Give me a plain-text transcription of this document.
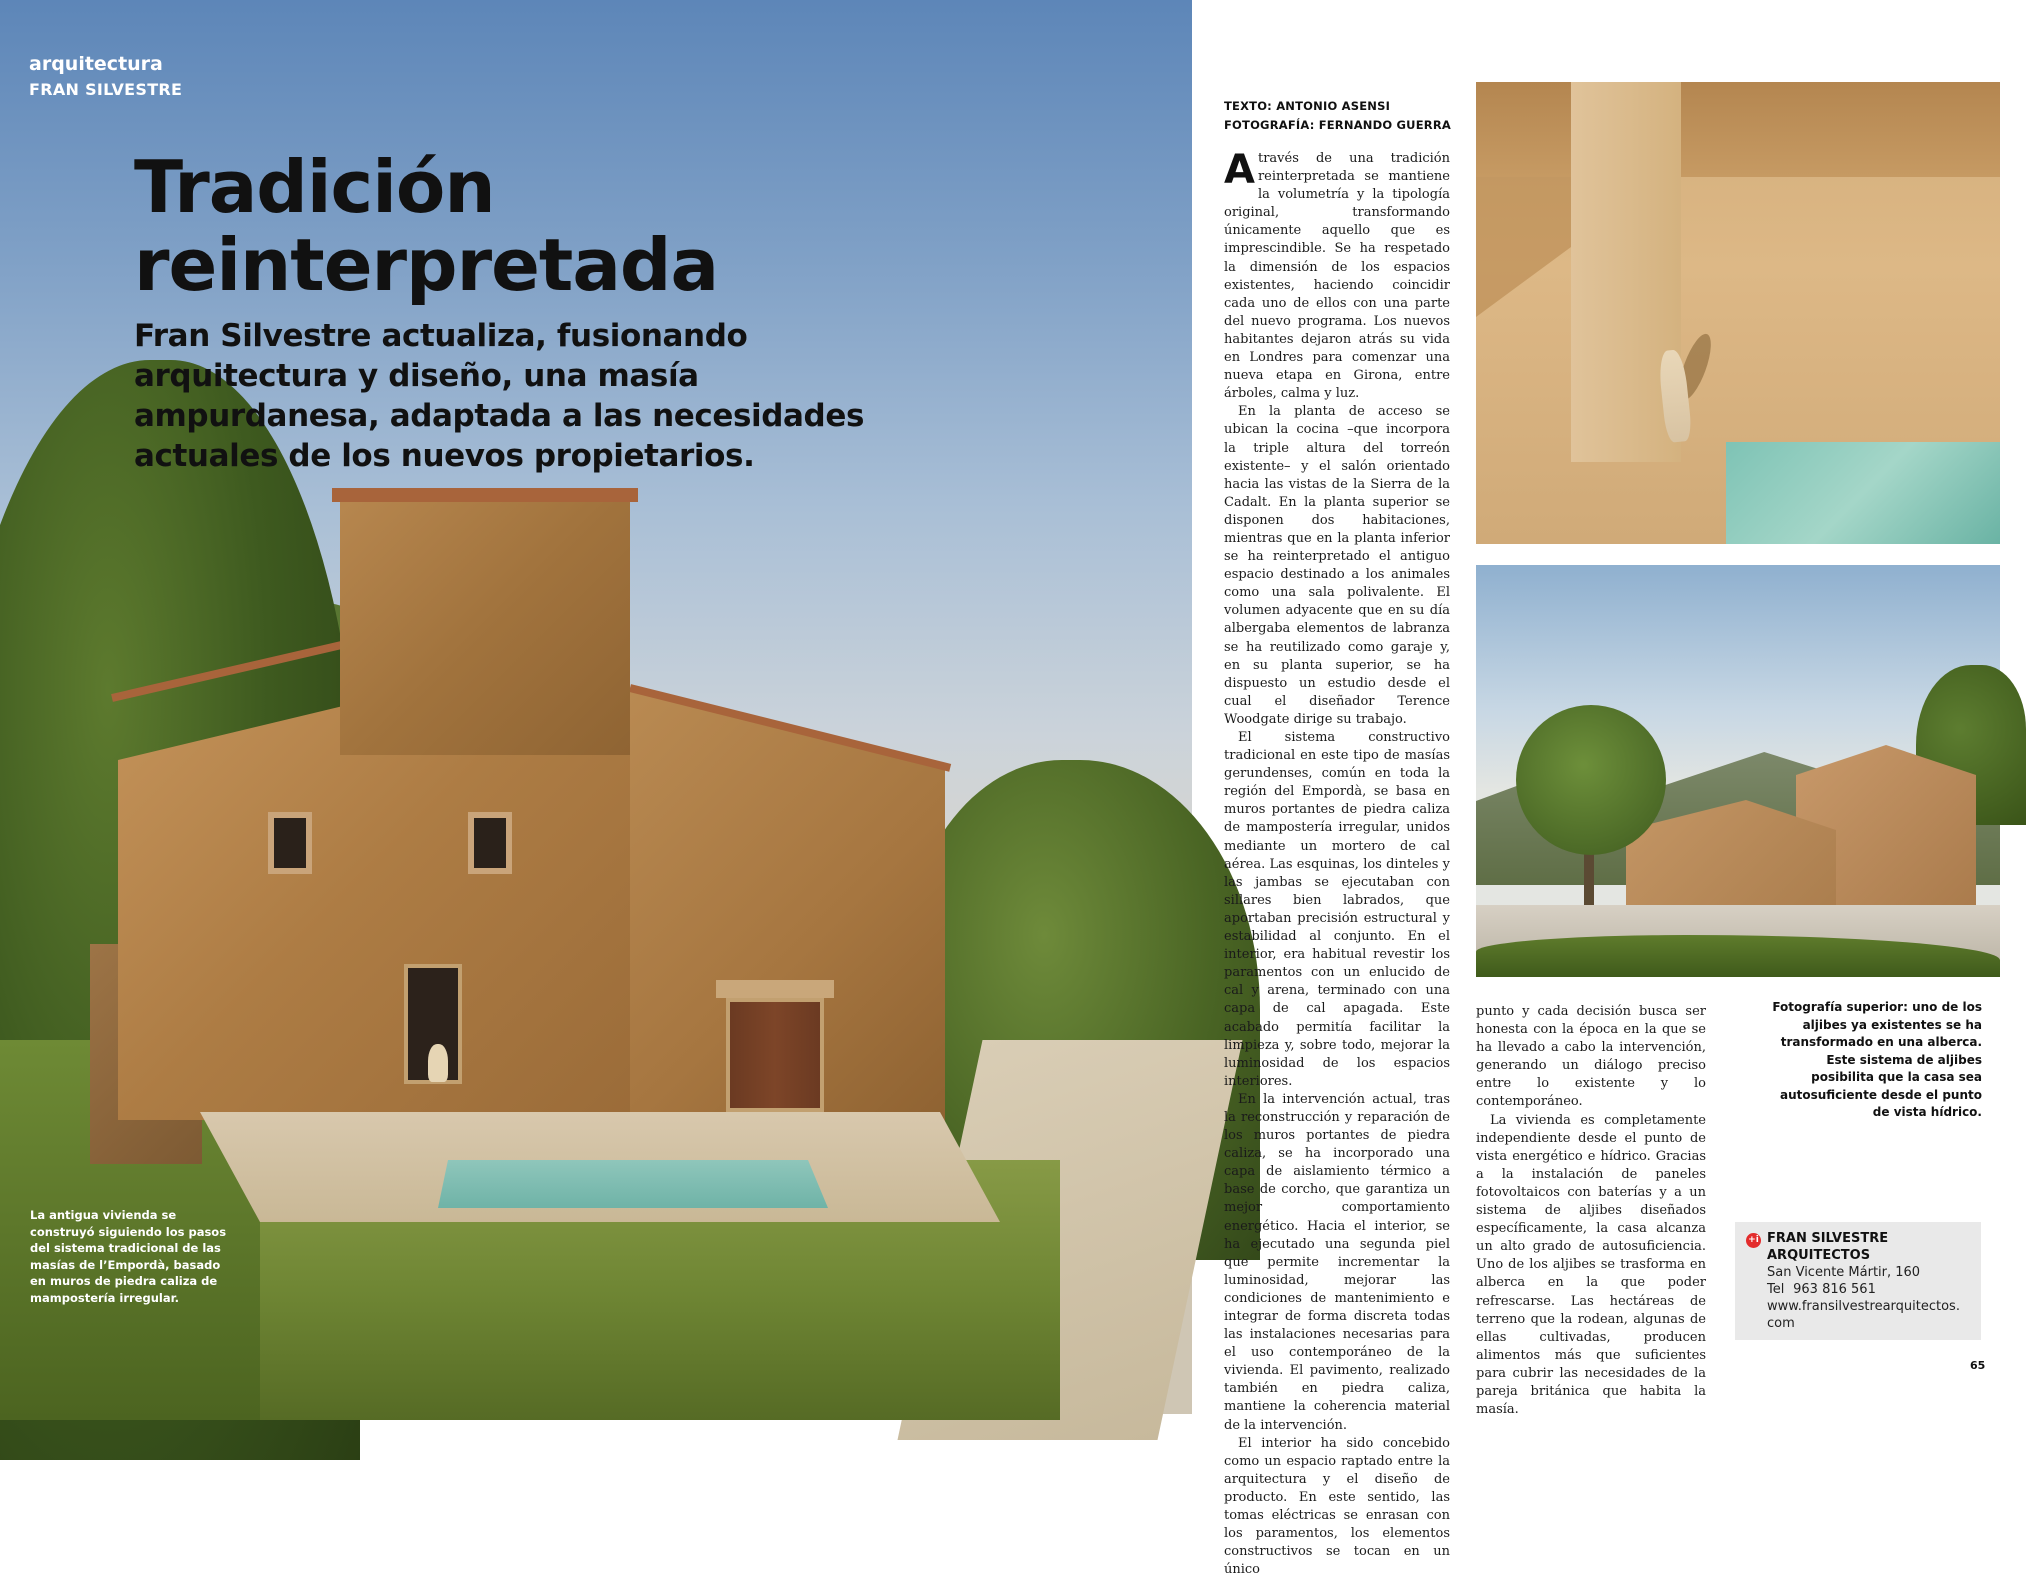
arquitectura
FRAN SILVESTRE
Tradición
reinterpretada

Fran Silvestre actualiza, fusionando arquitectura y diseño, una masía ampurdanesa, adaptada a las necesidades actuales de los nuevos propietarios.

La antigua vivienda se construyó siguiendo los pasos del sistema tradicional de las masías de l’Empordà, basado en muros de piedra caliza de mampostería irregular.

TEXTO: ANTONIO ASENSI
FOTOGRAFÍA: FERNANDO GUERRA

Através de una tradición reinterpretada se mantiene la volumetría y la tipología original, transformando únicamente aquello que es imprescindible. Se ha respetado la dimensión de los espacios existentes, haciendo coincidir cada uno de ellos con una parte del nuevo programa. Los nuevos habitantes dejaron atrás su vida en Londres para comenzar una nueva etapa en Girona, entre árboles, calma y luz.

En la planta de acceso se ubican la cocina –que incorpora la triple altura del torreón existente– y el salón orientado hacia las vistas de la Sierra de la Cadalt. En la planta superior se disponen dos habitaciones, mientras que en la planta inferior se ha reinterpretado el antiguo espacio destinado a los animales como una sala polivalente. El volumen adyacente que en su día albergaba elementos de labranza se ha reutilizado como garaje y, en su planta superior, se ha dispuesto un estudio desde el cual el diseñador Terence Woodgate dirige su trabajo.

El sistema constructivo tradicional en este tipo de masías gerundenses, común en toda la región del Empordà, se basa en muros portantes de piedra caliza de mampostería irregular, unidos mediante un mortero de cal aérea. Las esquinas, los dinteles y las jambas se ejecutaban con sillares bien labrados, que aportaban precisión estructural y estabilidad al conjunto. En el interior, era habitual revestir los paramentos con un enlucido de cal y arena, terminado con una capa de cal apagada. Este acabado permitía facilitar la limpieza y, sobre todo, mejorar la luminosidad de los espacios interiores.

En la intervención actual, tras la reconstrucción y reparación de los muros portantes de piedra caliza, se ha incorporado una capa de aislamiento térmico a base de corcho, que garantiza un mejor comportamiento energético. Hacia el interior, se ha ejecutado una segunda piel que permite incrementar la luminosidad, mejorar las condiciones de mantenimiento e integrar de forma discreta todas las instalaciones necesarias para el uso contemporáneo de la vivienda. El pavimento, realizado también en piedra caliza, mantiene la coherencia material de la intervención.

El interior ha sido concebido como un espacio raptado entre la arquitectura y el diseño de producto. En este sentido, las tomas eléctricas se enrasan con los paramentos, los elementos constructivos se tocan en un único

punto y cada decisión busca ser honesta con la época en la que se ha llevado a cabo la intervención, generando un diálogo preciso entre lo existente y lo contemporáneo.

La vivienda es completamente independiente desde el punto de vista energético e hídrico. Gracias a la instalación de paneles fotovoltaicos con baterías y a un sistema de aljibes diseñados específicamente, la casa alcanza un alto grado de autosuficiencia. Uno de los aljibes se trasforma en alberca en la que poder refrescarse. Las hectáreas de terreno que la rodean, algunas de ellas cultivadas, producen alimentos más que suficientes para cubrir las necesidades de la pareja británica que habita la masía.

Fotografía superior: uno de los aljibes ya existentes se ha transformado en una alberca. Este sistema de aljibes posibilita que la casa sea autosuficiente desde el punto de vista hídrico.

+i FRAN SILVESTRE
ARQUITECTOS
San Vicente Mártir, 160
Tel 963 816 561
www.fransilvestrearquitectos.
com
65
